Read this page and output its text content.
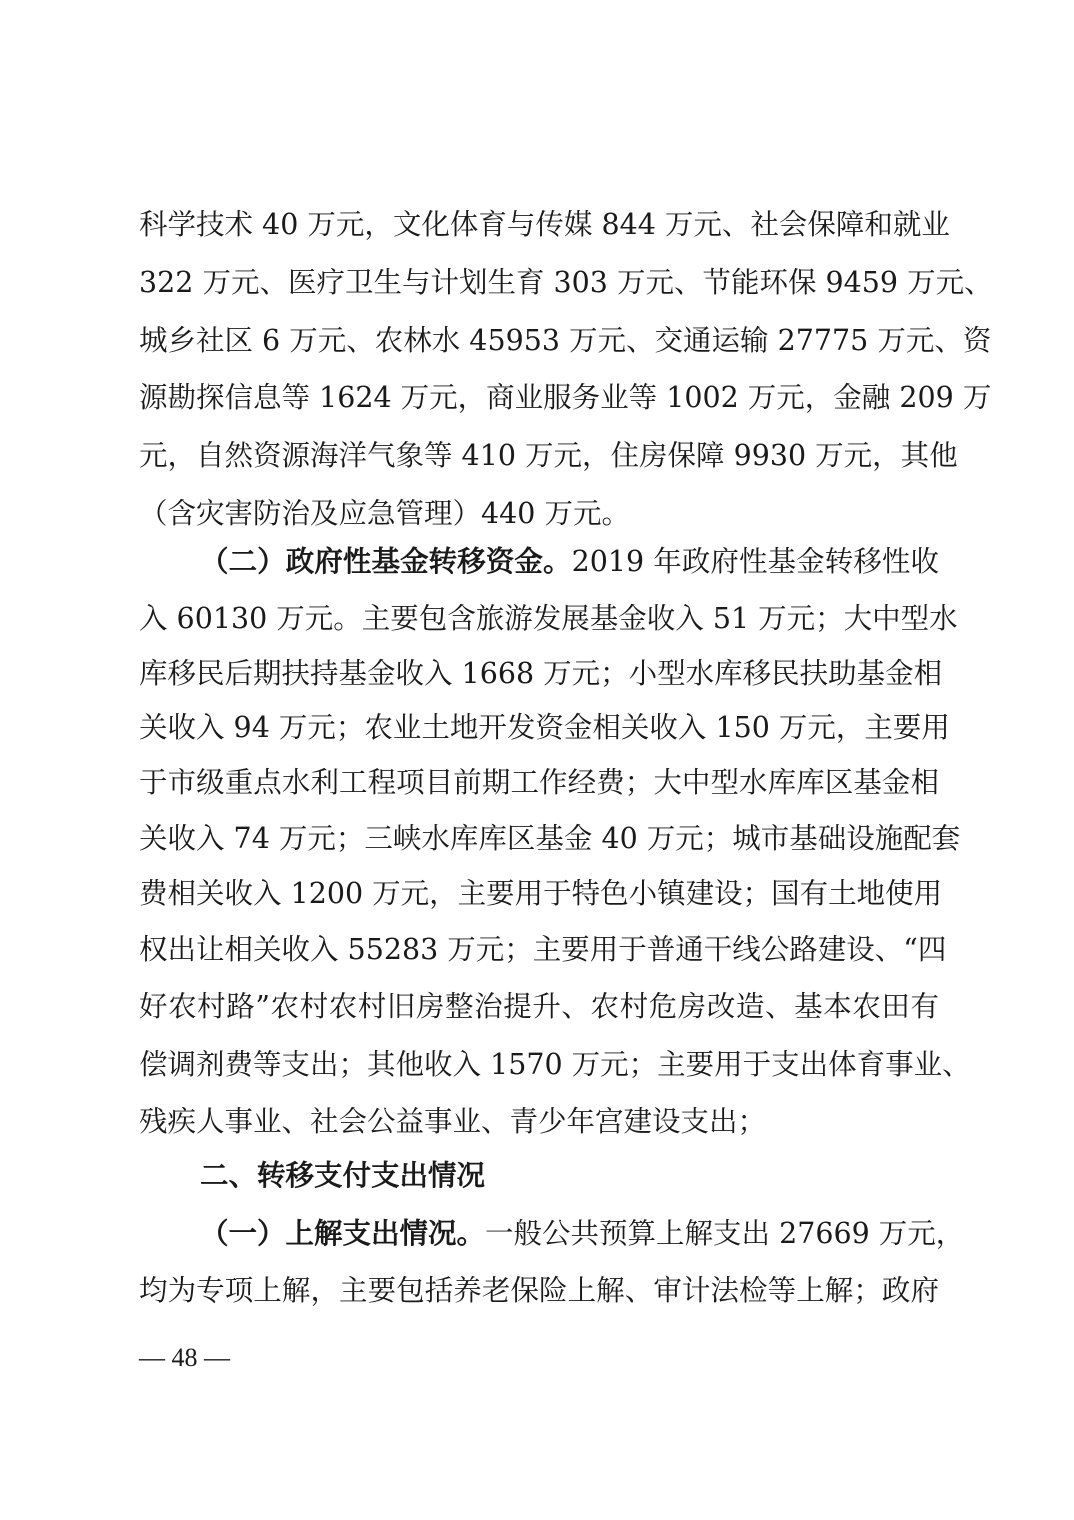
科学技术 40 万元，文化体育与传媒 844 万元、社会保障和就业
322 万元、医疗卫生与计划生育 303 万元、节能环保 9459 万元、
城乡社区 6 万元、农林水 45953 万元、交通运输 27775 万元、资
源勘探信息等 1624 万元，商业服务业等 1002 万元，金融 209 万
元，自然资源海洋气象等 410 万元，住房保障 9930 万元，其他
（含灾害防治及应急管理）440 万元。
（二）政府性基金转移资金。2019 年政府性基金转移性收
入 60130 万元。主要包含旅游发展基金收入 51 万元；大中型水
库移民后期扶持基金收入 1668 万元；小型水库移民扶助基金相
关收入 94 万元；农业土地开发资金相关收入 150 万元，主要用
于市级重点水利工程项目前期工作经费；大中型水库库区基金相
关收入 74 万元；三峡水库库区基金 40 万元；城市基础设施配套
费相关收入 1200 万元，主要用于特色小镇建设；国有土地使用
权出让相关收入 55283 万元；主要用于普通干线公路建设、“四
好农村路”农村农村旧房整治提升、农村危房改造、基本农田有
偿调剂费等支出；其他收入 1570 万元；主要用于支出体育事业、
残疾人事业、社会公益事业、青少年宫建设支出；
二、转移支付支出情况
（一）上解支出情况。一般公共预算上解支出 27669 万元，
均为专项上解，主要包括养老保险上解、审计法检等上解；政府
— 48 —
